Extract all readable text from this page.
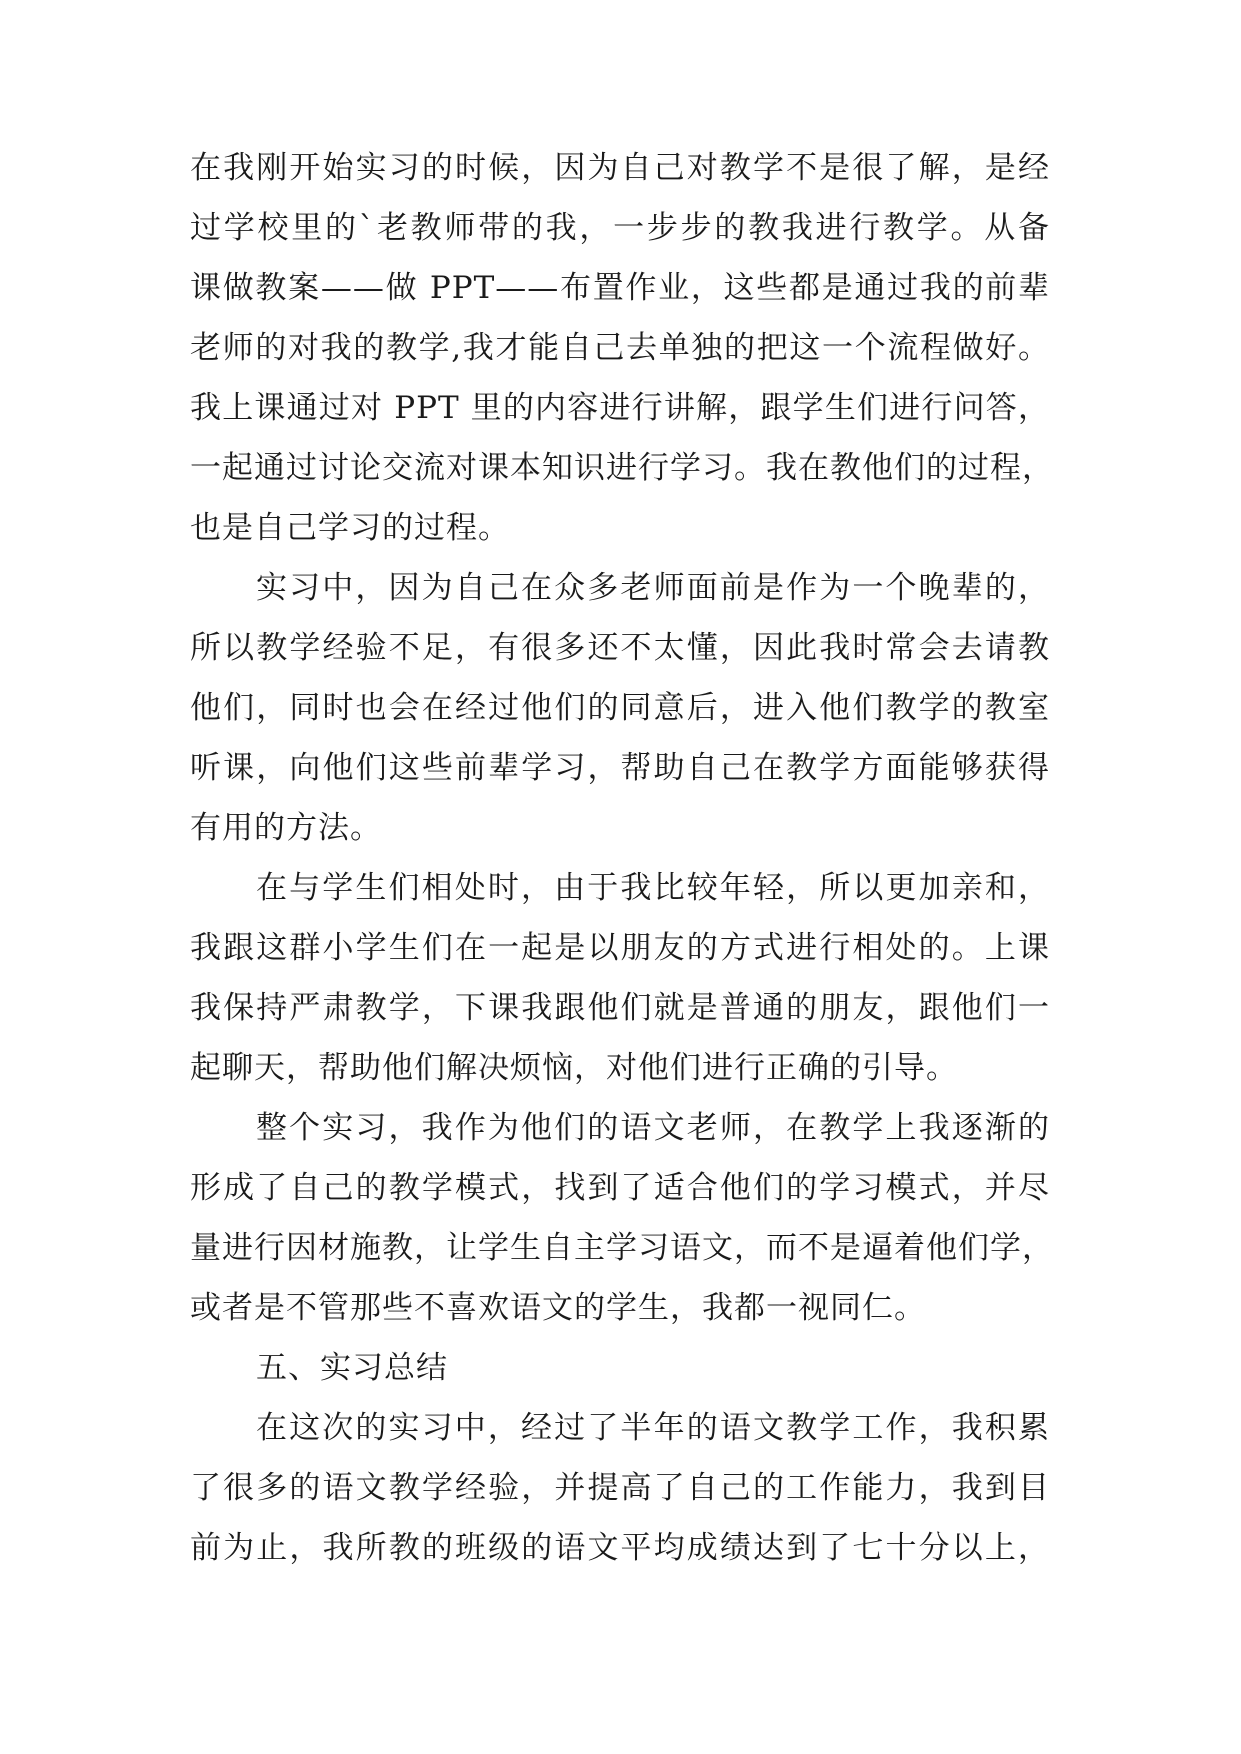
在我刚开始实习的时候，因为自己对教学不是很了解，是经
过学校里的`老教师带的我，一步步的教我进行教学。从备
课做教案——做 PPT——布置作业，这些都是通过我的前辈
老师的对我的教学,我才能自己去单独的把这一个流程做好。
我上课通过对 PPT 里的内容进行讲解，跟学生们进行问答，
一起通过讨论交流对课本知识进行学习。我在教他们的过程，
也是自己学习的过程。
实习中，因为自己在众多老师面前是作为一个晚辈的，
所以教学经验不足，有很多还不太懂，因此我时常会去请教
他们，同时也会在经过他们的同意后，进入他们教学的教室
听课，向他们这些前辈学习，帮助自己在教学方面能够获得
有用的方法。
在与学生们相处时，由于我比较年轻，所以更加亲和，
我跟这群小学生们在一起是以朋友的方式进行相处的。上课
我保持严肃教学，下课我跟他们就是普通的朋友，跟他们一
起聊天，帮助他们解决烦恼，对他们进行正确的引导。
整个实习，我作为他们的语文老师，在教学上我逐渐的
形成了自己的教学模式，找到了适合他们的学习模式，并尽
量进行因材施教，让学生自主学习语文，而不是逼着他们学，
或者是不管那些不喜欢语文的学生，我都一视同仁。
五、实习总结
在这次的实习中，经过了半年的语文教学工作，我积累
了很多的语文教学经验，并提高了自己的工作能力，我到目
前为止，我所教的班级的语文平均成绩达到了七十分以上，
